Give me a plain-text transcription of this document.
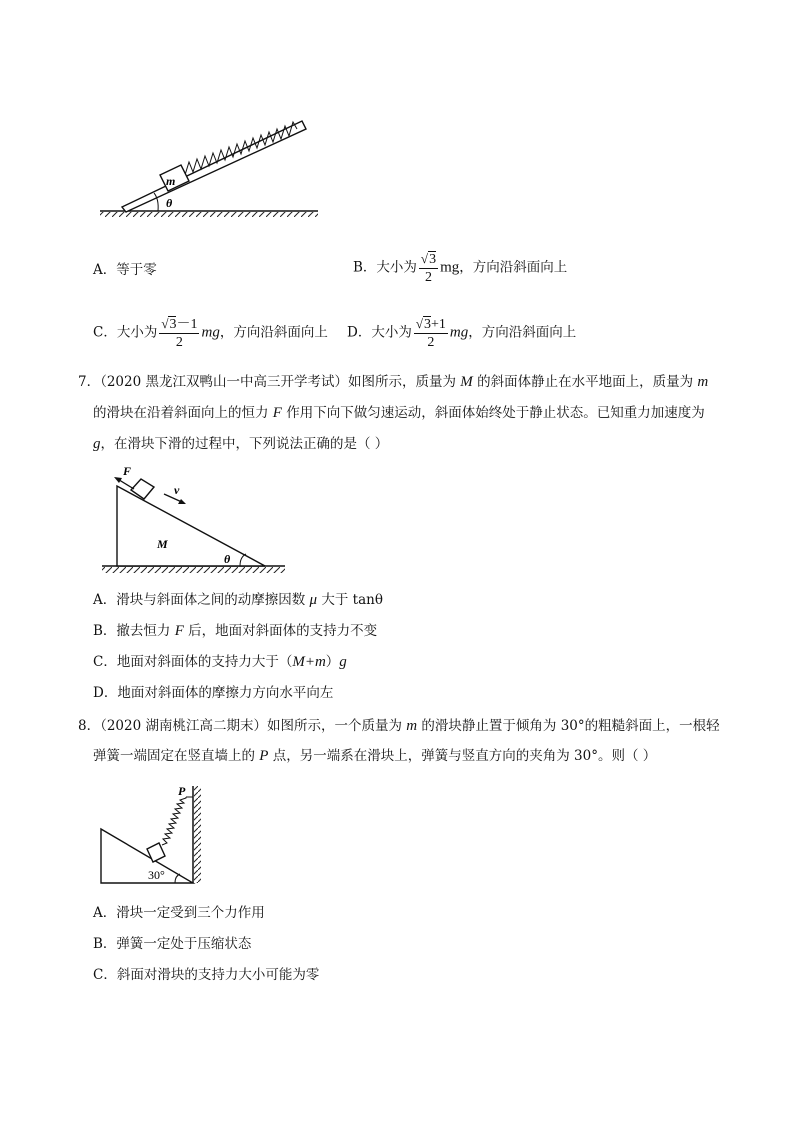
m
θ
A．等于零	B．大小为 $\frac{√3}{2}$ mg，方向沿斜面向上
C．大小为 $\frac{√3-1}{2}$ mg，方向沿斜面向上 D．大小为 $\frac{√3+1}{2}$ mg，方向沿斜面向上
7．（2020 黑龙江双鸭山一中高三开学考试）如图所示，质量为 M 的斜面体静止在水平地面上，质量为 m
的滑块在沿着斜面向上的恒力 F 作用下向下做匀速运动，斜面体始终处于静止状态。已知重力加速度为
g，在滑块下滑的过程中，下列说法正确的是（ ）
F
v
M
θ
A．滑块与斜面体之间的动摩擦因数 μ 大于 tanθ
B．撤去恒力 F 后，地面对斜面体的支持力不变
C．地面对斜面体的支持力大于（M+m）g
D．地面对斜面体的摩擦力方向水平向左
8．（2020 湖南桃江高二期末）如图所示，一个质量为 m 的滑块静止置于倾角为 30°的粗糙斜面上，一根轻
弹簧一端固定在竖直墙上的 P 点，另一端系在滑块上，弹簧与竖直方向的夹角为 30°。则（ ）
P
30°
A．滑块一定受到三个力作用
B．弹簧一定处于压缩状态
C．斜面对滑块的支持力大小可能为零
